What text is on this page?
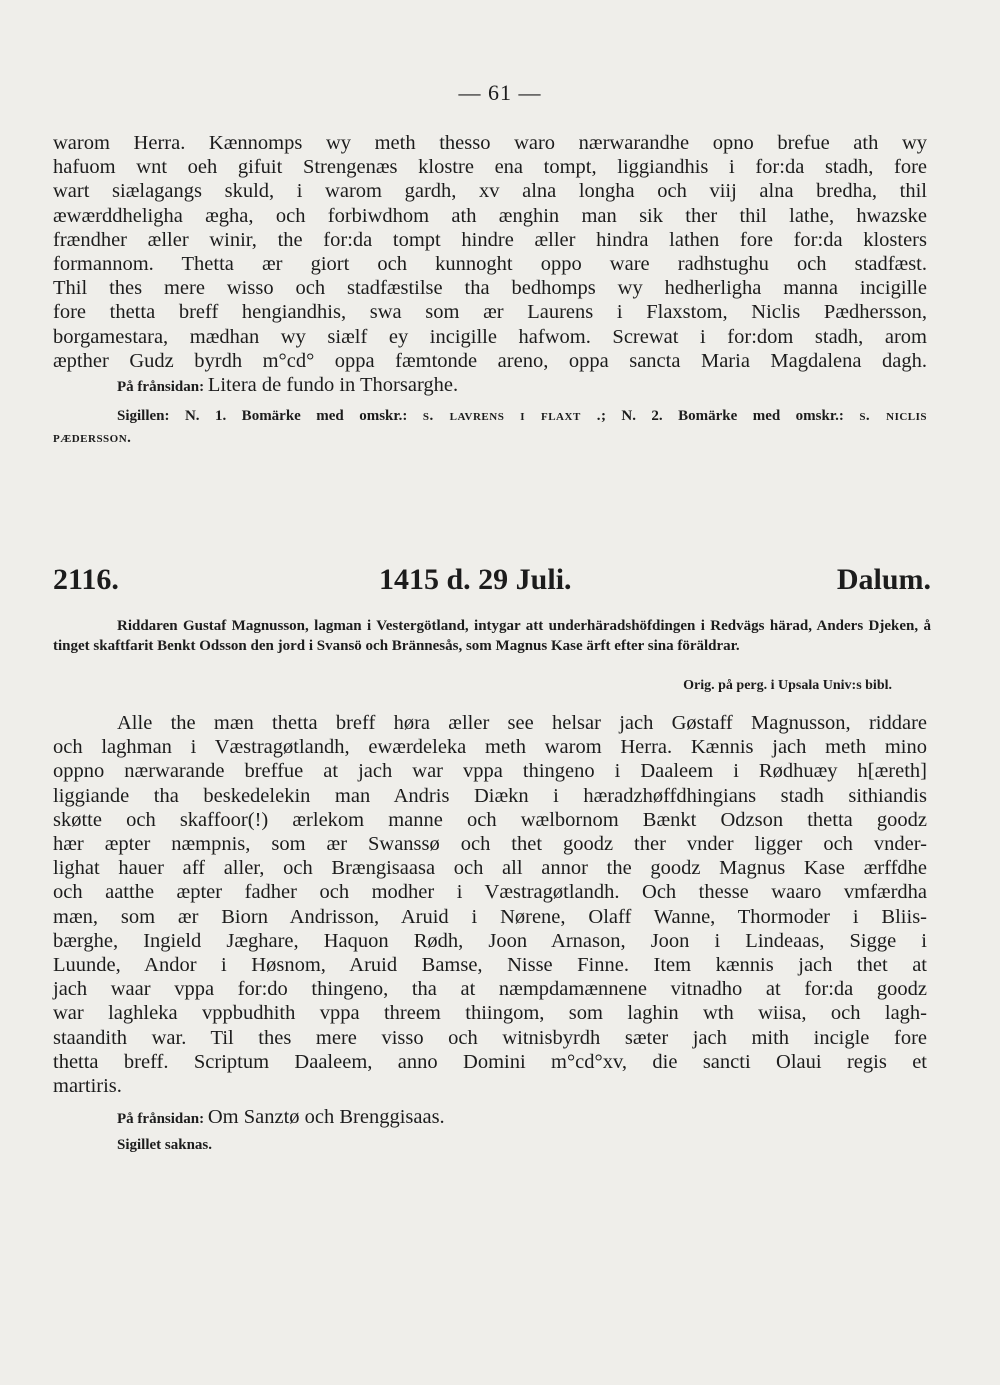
— 61 —

warom Herra. Kænnomps wy meth thesso waro nærwarandhe opno brefue ath wy

hafuom wnt oeh gifuit Strengenæs klostre ena tompt, liggiandhis i for:da stadh, fore

wart siælagangs skuld, i warom gardh, xv alna longha och viij alna bredha, thil

æwærddheligha ægha, och forbiwdhom ath ænghin man sik ther thil lathe, hwazske

frændher æller winir, the for:da tompt hindre æller hindra lathen fore for:da klosters

formannom. Thetta ær giort och kunnoght oppo ware radhstughu och stadfæst.

Thil thes mere wisso och stadfæstilse tha bedhomps wy hedherligha manna incigille

fore thetta breff hengiandhis, swa som ær Laurens i Flaxstom, Niclis Pædhersson,

borgamestara, mædhan wy siælf ey incigille hafwom. Screwat i for:dom stadh, arom

æpther Gudz byrdh m°cd° oppa fæmtonde areno, oppa sancta Maria Magdalena dagh.

På frånsidan: Litera de fundo in Thorsarghe.
Sigillen: N. 1. Bomärke med omskr.: s. lavrens i flaxt .; N. 2. Bomärke med omskr.: s. niclis
pædersson.
2116.	1415 d. 29 Juli.	Dalum.
Riddaren Gustaf Magnusson, lagman i Vestergötland, intygar att underhäradshöfdingen i Redvägs härad, Anders Djeken, å tinget skaftfarit Benkt Odsson den jord i Svansö och Brännesås, som Magnus Kase ärft efter sina föräldrar.
Orig. på perg. i Upsala Univ:s bibl.

Alle the mæn thetta breff høra æller see helsar jach Gøstaff Magnusson, riddare

och laghman i Væstragøtlandh, ewærdeleka meth warom Herra. Kænnis jach meth mino

oppno nærwarande breffue at jach war vppa thingeno i Daaleem i Rødhuæy h[æreth]

liggiande tha beskedelekin man Andris Diækn i hæradzhøffdhingians stadh sithiandis

skøtte och skaffoor(!) ærlekom manne och wælbornom Bænkt Odzson thetta goodz

hær æpter næmpnis, som ær Swanssø och thet goodz ther vnder ligger och vnder-

lighat hauer aff aller, och Brængisaasa och all annor the goodz Magnus Kase ærffdhe

och aatthe æpter fadher och modher i Væstragøtlandh. Och thesse waaro vmfærdha

mæn, som ær Biorn Andrisson, Aruid i Nørene, Olaff Wanne, Thormoder i Bliis-

bærghe, Ingield Jæghare, Haquon Rødh, Joon Arnason, Joon i Lindeaas, Sigge i

Luunde, Andor i Høsnom, Aruid Bamse, Nisse Finne. Item kænnis jach thet at

jach waar vppa for:do thingeno, tha at næmpdamænnene vitnadho at for:da goodz

war laghleka vppbudhith vppa threem thiingom, som laghin wth wiisa, och lagh-

staandith war. Til thes mere visso och witnisbyrdh sæter jach mith incigle fore

thetta breff. Scriptum Daaleem, anno Domini m°cd°xv, die sancti Olaui regis et

martiris.

På frånsidan: Om Sanztø och Brenggisaas.
Sigillet saknas.
